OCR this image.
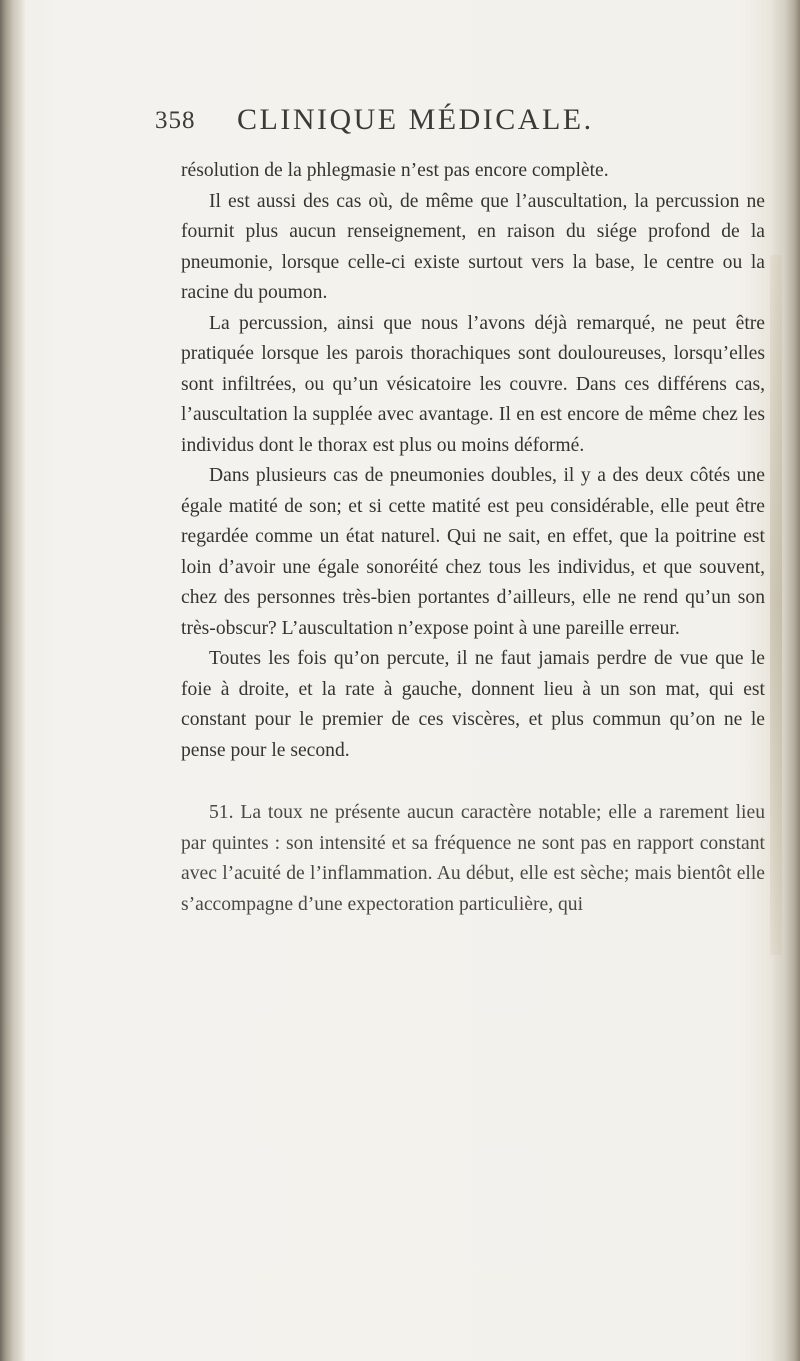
358 CLINIQUE MÉDICALE.

résolution de la phlegmasie n’est pas encore complète.

Il est aussi des cas où, de même que l’auscultation, la percussion ne fournit plus aucun renseignement, en raison du siége profond de la pneumonie, lorsque celle-ci existe surtout vers la base, le centre ou la racine du poumon.

La percussion, ainsi que nous l’avons déjà remarqué, ne peut être pratiquée lorsque les parois thorachiques sont douloureuses, lorsqu’elles sont infiltrées, ou qu’un vésicatoire les couvre. Dans ces différens cas, l’auscultation la supplée avec avantage. Il en est encore de même chez les individus dont le thorax est plus ou moins déformé.

Dans plusieurs cas de pneumonies doubles, il y a des deux côtés une égale matité de son; et si cette matité est peu considérable, elle peut être regardée comme un état naturel. Qui ne sait, en effet, que la poitrine est loin d’avoir une égale sonoréité chez tous les individus, et que souvent, chez des personnes très-bien portantes d’ailleurs, elle ne rend qu’un son très-obscur? L’auscultation n’expose point à une pareille erreur.

Toutes les fois qu’on percute, il ne faut jamais perdre de vue que le foie à droite, et la rate à gauche, donnent lieu à un son mat, qui est constant pour le premier de ces viscères, et plus commun qu’on ne le pense pour le second.

51. La toux ne présente aucun caractère notable; elle a rarement lieu par quintes : son intensité et sa fréquence ne sont pas en rapport constant avec l’acuité de l’inflammation. Au début, elle est sèche; mais bientôt elle s’accompagne d’une expectoration particulière, qui
